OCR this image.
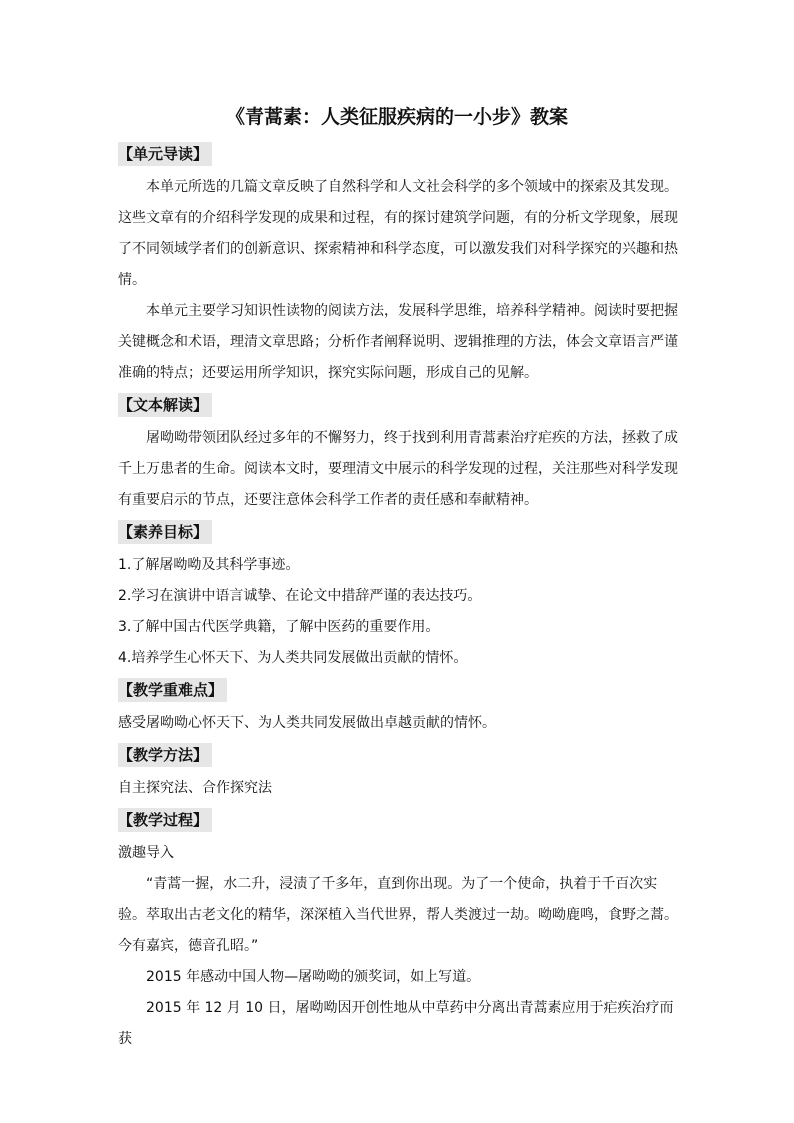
《青蒿素：人类征服疾病的一小步》教案
【单元导读】

本单元所选的几篇文章反映了自然科学和人文社会科学的多个领域中的探索及其发现。这些文章有的介绍科学发现的成果和过程，有的探讨建筑学问题，有的分析文学现象，展现了不同领域学者们的创新意识、探索精神和科学态度，可以激发我们对科学探究的兴趣和热情。

本单元主要学习知识性读物的阅读方法，发展科学思维，培养科学精神。阅读时要把握关键概念和术语，理清文章思路；分析作者阐释说明、逻辑推理的方法，体会文章语言严谨准确的特点；还要运用所学知识，探究实际问题，形成自己的见解。

【文本解读】

屠呦呦带领团队经过多年的不懈努力，终于找到利用青蒿素治疗疟疾的方法，拯救了成千上万患者的生命。阅读本文时，要理清文中展示的科学发现的过程，关注那些对科学发现有重要启示的节点，还要注意体会科学工作者的责任感和奉献精神。

【素养目标】

1.了解屠呦呦及其科学事迹。

2.学习在演讲中语言诚挚、在论文中措辞严谨的表达技巧。

3.了解中国古代医学典籍，了解中医药的重要作用。

4.培养学生心怀天下、为人类共同发展做出贡献的情怀。

【教学重难点】

感受屠呦呦心怀天下、为人类共同发展做出卓越贡献的情怀。

【教学方法】

自主探究法、合作探究法

【教学过程】

激趣导入

“青蒿一握，水二升，浸渍了千多年，直到你出现。为了一个使命，执着于千百次实验。萃取出古老文化的精华，深深植入当代世界，帮人类渡过一劫。呦呦鹿鸣，食野之蒿。今有嘉宾，德音孔昭。”

2015 年感动中国人物—屠呦呦的颁奖词，如上写道。

2015 年 12 月 10 日，屠呦呦因开创性地从中草药中分离出青蒿素应用于疟疾治疗而获
